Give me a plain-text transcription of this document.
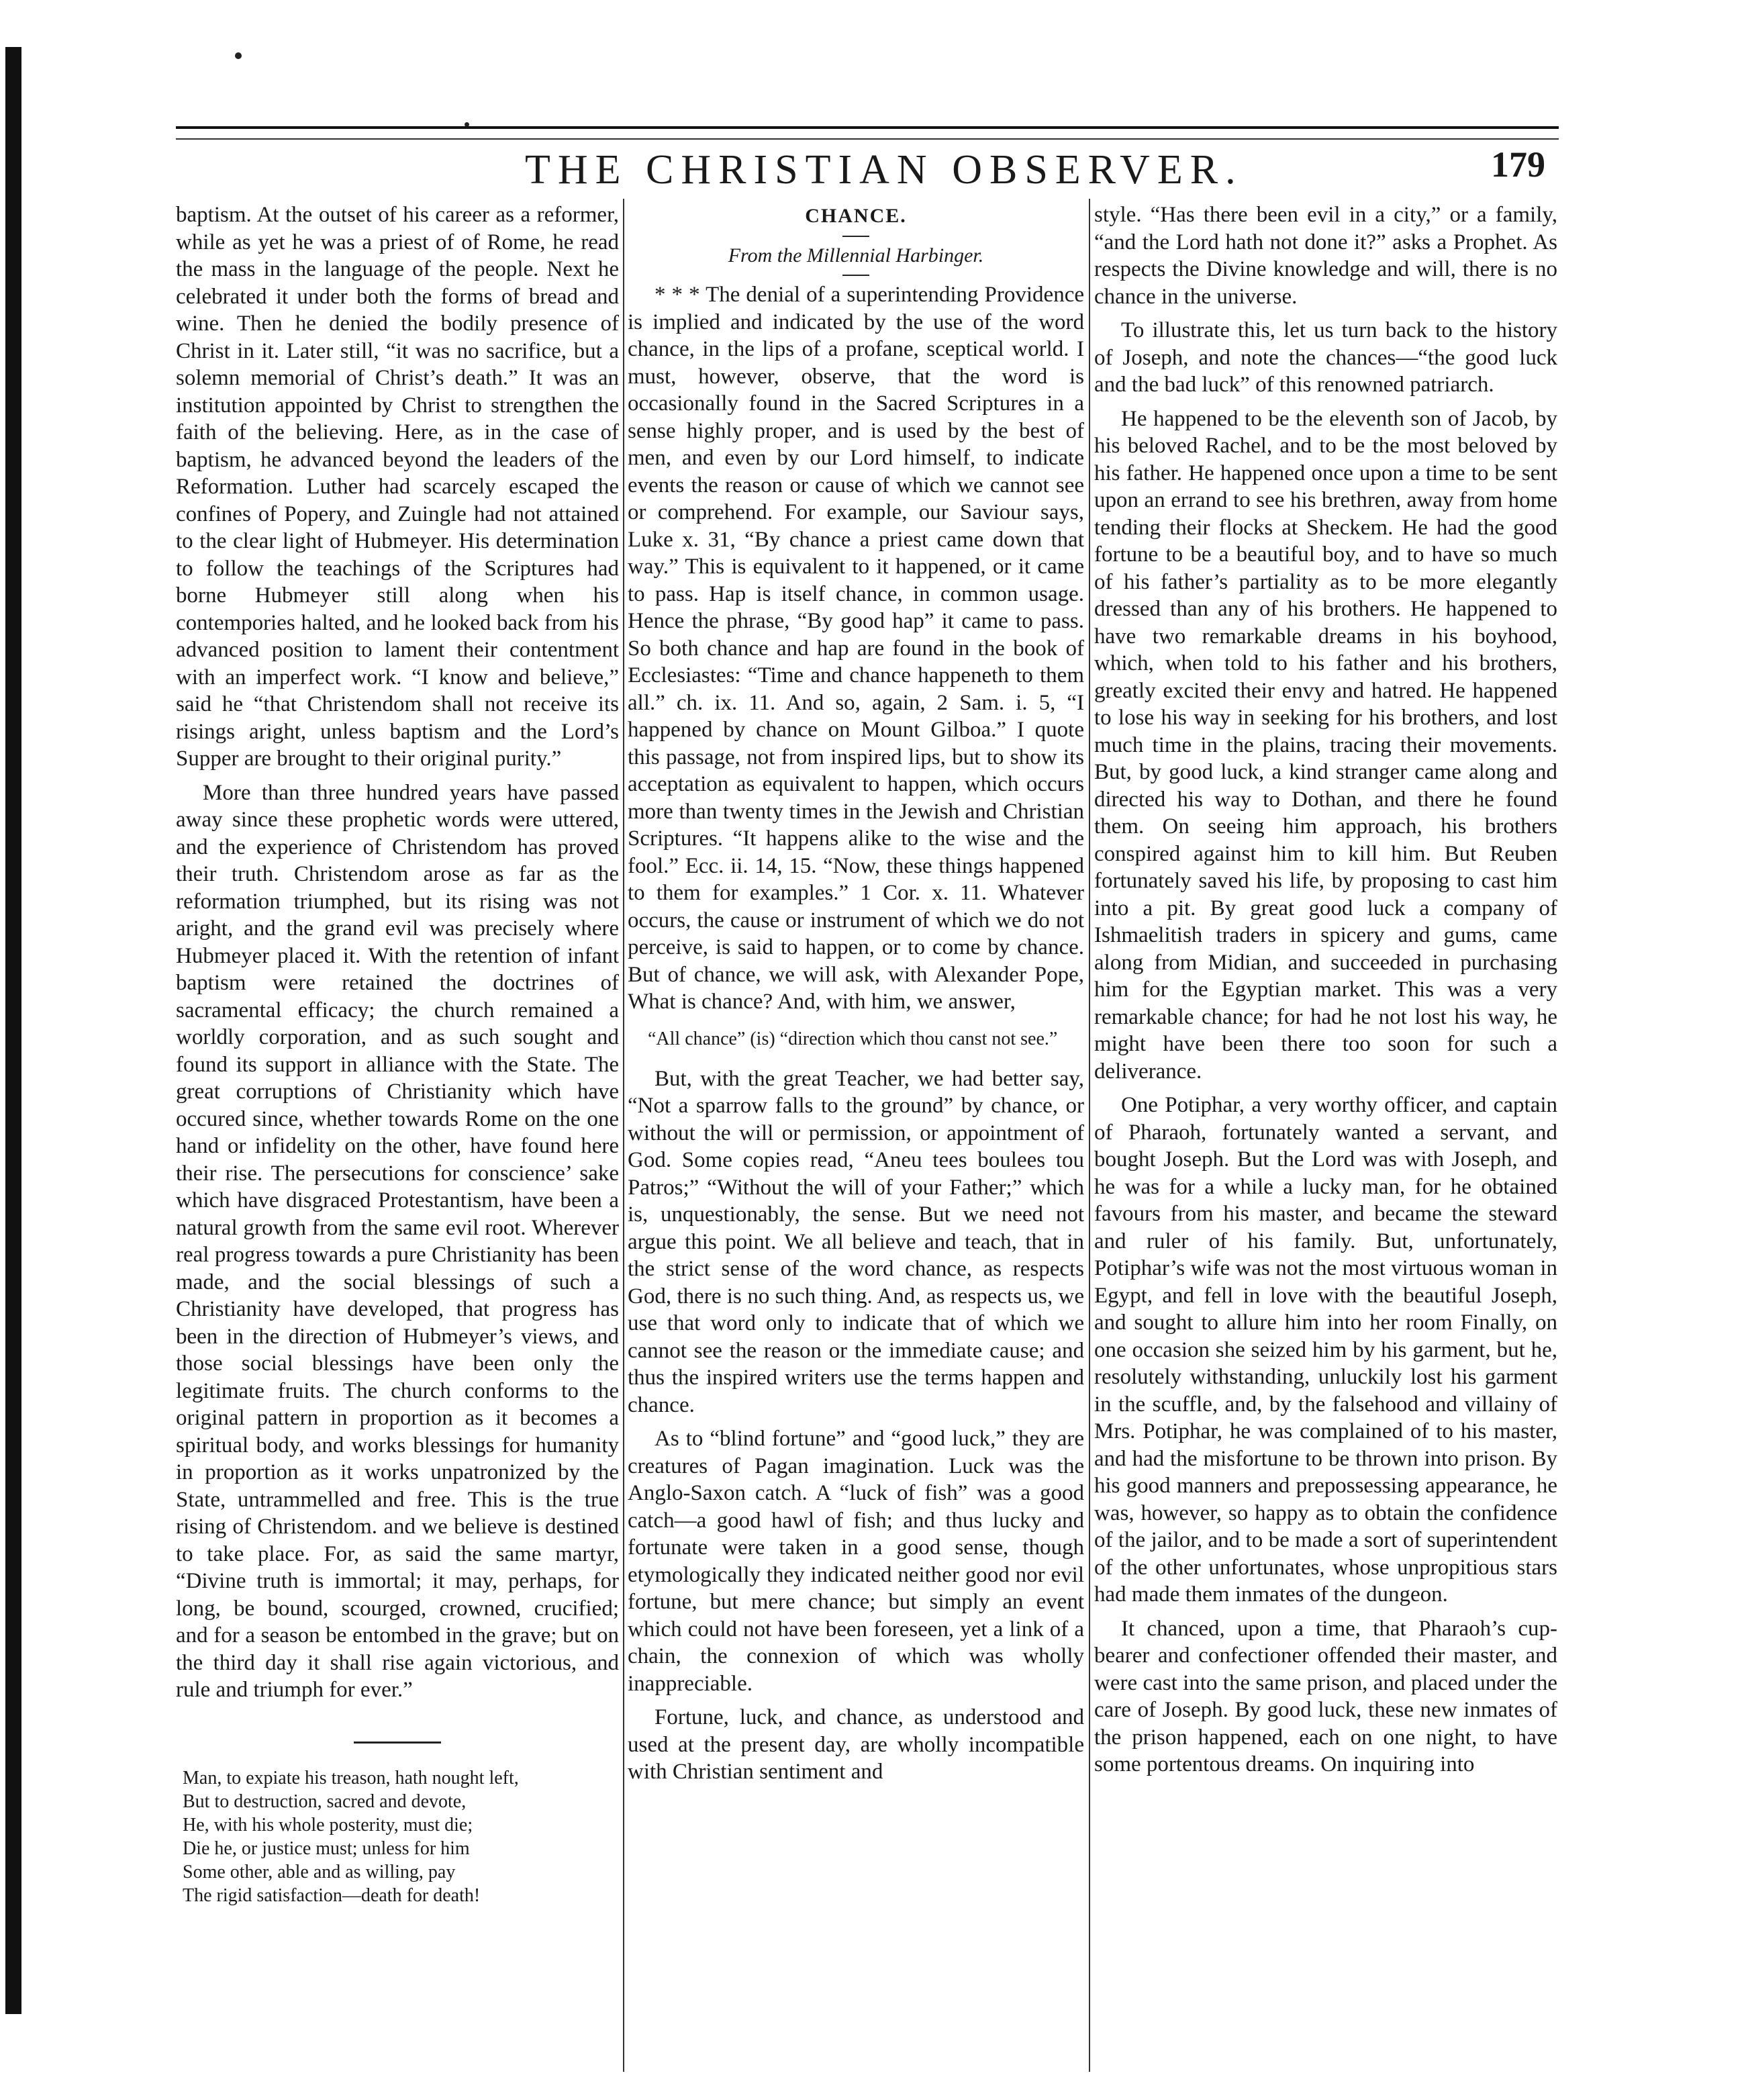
THE CHRISTIAN OBSERVER.	179

baptism. At the outset of his career as a reformer, while as yet he was a priest of of Rome, he read the mass in the language of the people. Next he celebrated it under both the forms of bread and wine. Then he denied the bodily presence of Christ in it. Later still, “it was no sacrifice, but a solemn memorial of Christ’s death.” It was an institution appointed by Christ to strengthen the faith of the believing. Here, as in the case of baptism, he advanced beyond the leaders of the Reformation. Luther had scarcely escaped the confines of Popery, and Zuingle had not attained to the clear light of Hubmeyer. His determination to follow the teachings of the Scriptures had borne Hubmeyer still along when his contempories halted, and he looked back from his advanced position to lament their contentment with an imperfect work. “I know and believe,” said he “that Christendom shall not receive its risings aright, unless baptism and the Lord’s Supper are brought to their original purity.”

More than three hundred years have passed away since these prophetic words were uttered, and the experience of Christendom has proved their truth. Christendom arose as far as the reformation triumphed, but its rising was not aright, and the grand evil was precisely where Hubmeyer placed it. With the retention of infant baptism were retained the doctrines of sacramental efficacy; the church remained a worldly corporation, and as such sought and found its support in alliance with the State. The great corruptions of Christianity which have occured since, whether towards Rome on the one hand or infidelity on the other, have found here their rise. The persecutions for conscience’ sake which have disgraced Protestantism, have been a natural growth from the same evil root. Wherever real progress towards a pure Christianity has been made, and the social blessings of such a Christianity have developed, that progress has been in the direction of Hubmeyer’s views, and those social blessings have been only the legitimate fruits. The church conforms to the original pattern in proportion as it becomes a spiritual body, and works blessings for humanity in proportion as it works unpatronized by the State, untrammelled and free. This is the true rising of Christendom. and we believe is destined to take place. For, as said the same martyr, “Divine truth is immortal; it may, perhaps, for long, be bound, scourged, crowned, crucified; and for a season be entombed in the grave; but on the third day it shall rise again victorious, and rule and triumph for ever.”

Man, to expiate his treason, hath nought left,
But to destruction, sacred and devote,
He, with his whole posterity, must die;
Die he, or justice must; unless for him
Some other, able and as willing, pay
The rigid satisfaction—death for death!
CHANCE.
From the Millennial Harbinger.

* * * The denial of a superintending Providence is implied and indicated by the use of the word chance, in the lips of a profane, sceptical world. I must, however, observe, that the word is occasionally found in the Sacred Scriptures in a sense highly proper, and is used by the best of men, and even by our Lord himself, to indicate events the reason or cause of which we cannot see or comprehend. For example, our Saviour says, Luke x. 31, “By chance a priest came down that way.” This is equivalent to it happened, or it came to pass. Hap is itself chance, in common usage. Hence the phrase, “By good hap” it came to pass. So both chance and hap are found in the book of Ecclesiastes: “Time and chance happeneth to them all.” ch. ix. 11. And so, again, 2 Sam. i. 5, “I happened by chance on Mount Gilboa.” I quote this passage, not from inspired lips, but to show its acceptation as equivalent to happen, which occurs more than twenty times in the Jewish and Christian Scriptures. “It happens alike to the wise and the fool.” Ecc. ii. 14, 15. “Now, these things happened to them for examples.” 1 Cor. x. 11. Whatever occurs, the cause or instrument of which we do not perceive, is said to happen, or to come by chance. But of chance, we will ask, with Alexander Pope, What is chance? And, with him, we answer,

“All chance” (is) “direction which thou canst not see.”

But, with the great Teacher, we had better say, “Not a sparrow falls to the ground” by chance, or without the will or permission, or appointment of God. Some copies read, “Aneu tees boulees tou Patros;” “Without the will of your Father;” which is, unquestionably, the sense. But we need not argue this point. We all believe and teach, that in the strict sense of the word chance, as respects God, there is no such thing. And, as respects us, we use that word only to indicate that of which we cannot see the reason or the immediate cause; and thus the inspired writers use the terms happen and chance.

As to “blind fortune” and “good luck,” they are creatures of Pagan imagination. Luck was the Anglo-Saxon catch. A “luck of fish” was a good catch—a good hawl of fish; and thus lucky and fortunate were taken in a good sense, though etymologically they indicated neither good nor evil fortune, but mere chance; but simply an event which could not have been foreseen, yet a link of a chain, the connexion of which was wholly inappreciable.

Fortune, luck, and chance, as understood and used at the present day, are wholly incompatible with Christian sentiment and

style. “Has there been evil in a city,” or a family, “and the Lord hath not done it?” asks a Prophet. As respects the Divine knowledge and will, there is no chance in the universe.

To illustrate this, let us turn back to the history of Joseph, and note the chances—“the good luck and the bad luck” of this renowned patriarch.

He happened to be the eleventh son of Jacob, by his beloved Rachel, and to be the most beloved by his father. He happened once upon a time to be sent upon an errand to see his brethren, away from home tending their flocks at Sheckem. He had the good fortune to be a beautiful boy, and to have so much of his father’s partiality as to be more elegantly dressed than any of his brothers. He happened to have two remarkable dreams in his boyhood, which, when told to his father and his brothers, greatly excited their envy and hatred. He happened to lose his way in seeking for his brothers, and lost much time in the plains, tracing their movements. But, by good luck, a kind stranger came along and directed his way to Dothan, and there he found them. On seeing him approach, his brothers conspired against him to kill him. But Reuben fortunately saved his life, by proposing to cast him into a pit. By great good luck a company of Ishmaelitish traders in spicery and gums, came along from Midian, and succeeded in purchasing him for the Egyptian market. This was a very remarkable chance; for had he not lost his way, he might have been there too soon for such a deliverance.

One Potiphar, a very worthy officer, and captain of Pharaoh, fortunately wanted a servant, and bought Joseph. But the Lord was with Joseph, and he was for a while a lucky man, for he obtained favours from his master, and became the steward and ruler of his family. But, unfortunately, Potiphar’s wife was not the most virtuous woman in Egypt, and fell in love with the beautiful Joseph, and sought to allure him into her room Finally, on one occasion she seized him by his garment, but he, resolutely withstanding, unluckily lost his garment in the scuffle, and, by the falsehood and villainy of Mrs. Potiphar, he was complained of to his master, and had the misfortune to be thrown into prison. By his good manners and prepossessing appearance, he was, however, so happy as to obtain the confidence of the jailor, and to be made a sort of superintendent of the other unfortunates, whose unpropitious stars had made them inmates of the dungeon.

It chanced, upon a time, that Pharaoh’s cup-bearer and confectioner offended their master, and were cast into the same prison, and placed under the care of Joseph. By good luck, these new inmates of the prison happened, each on one night, to have some portentous dreams. On inquiring into
